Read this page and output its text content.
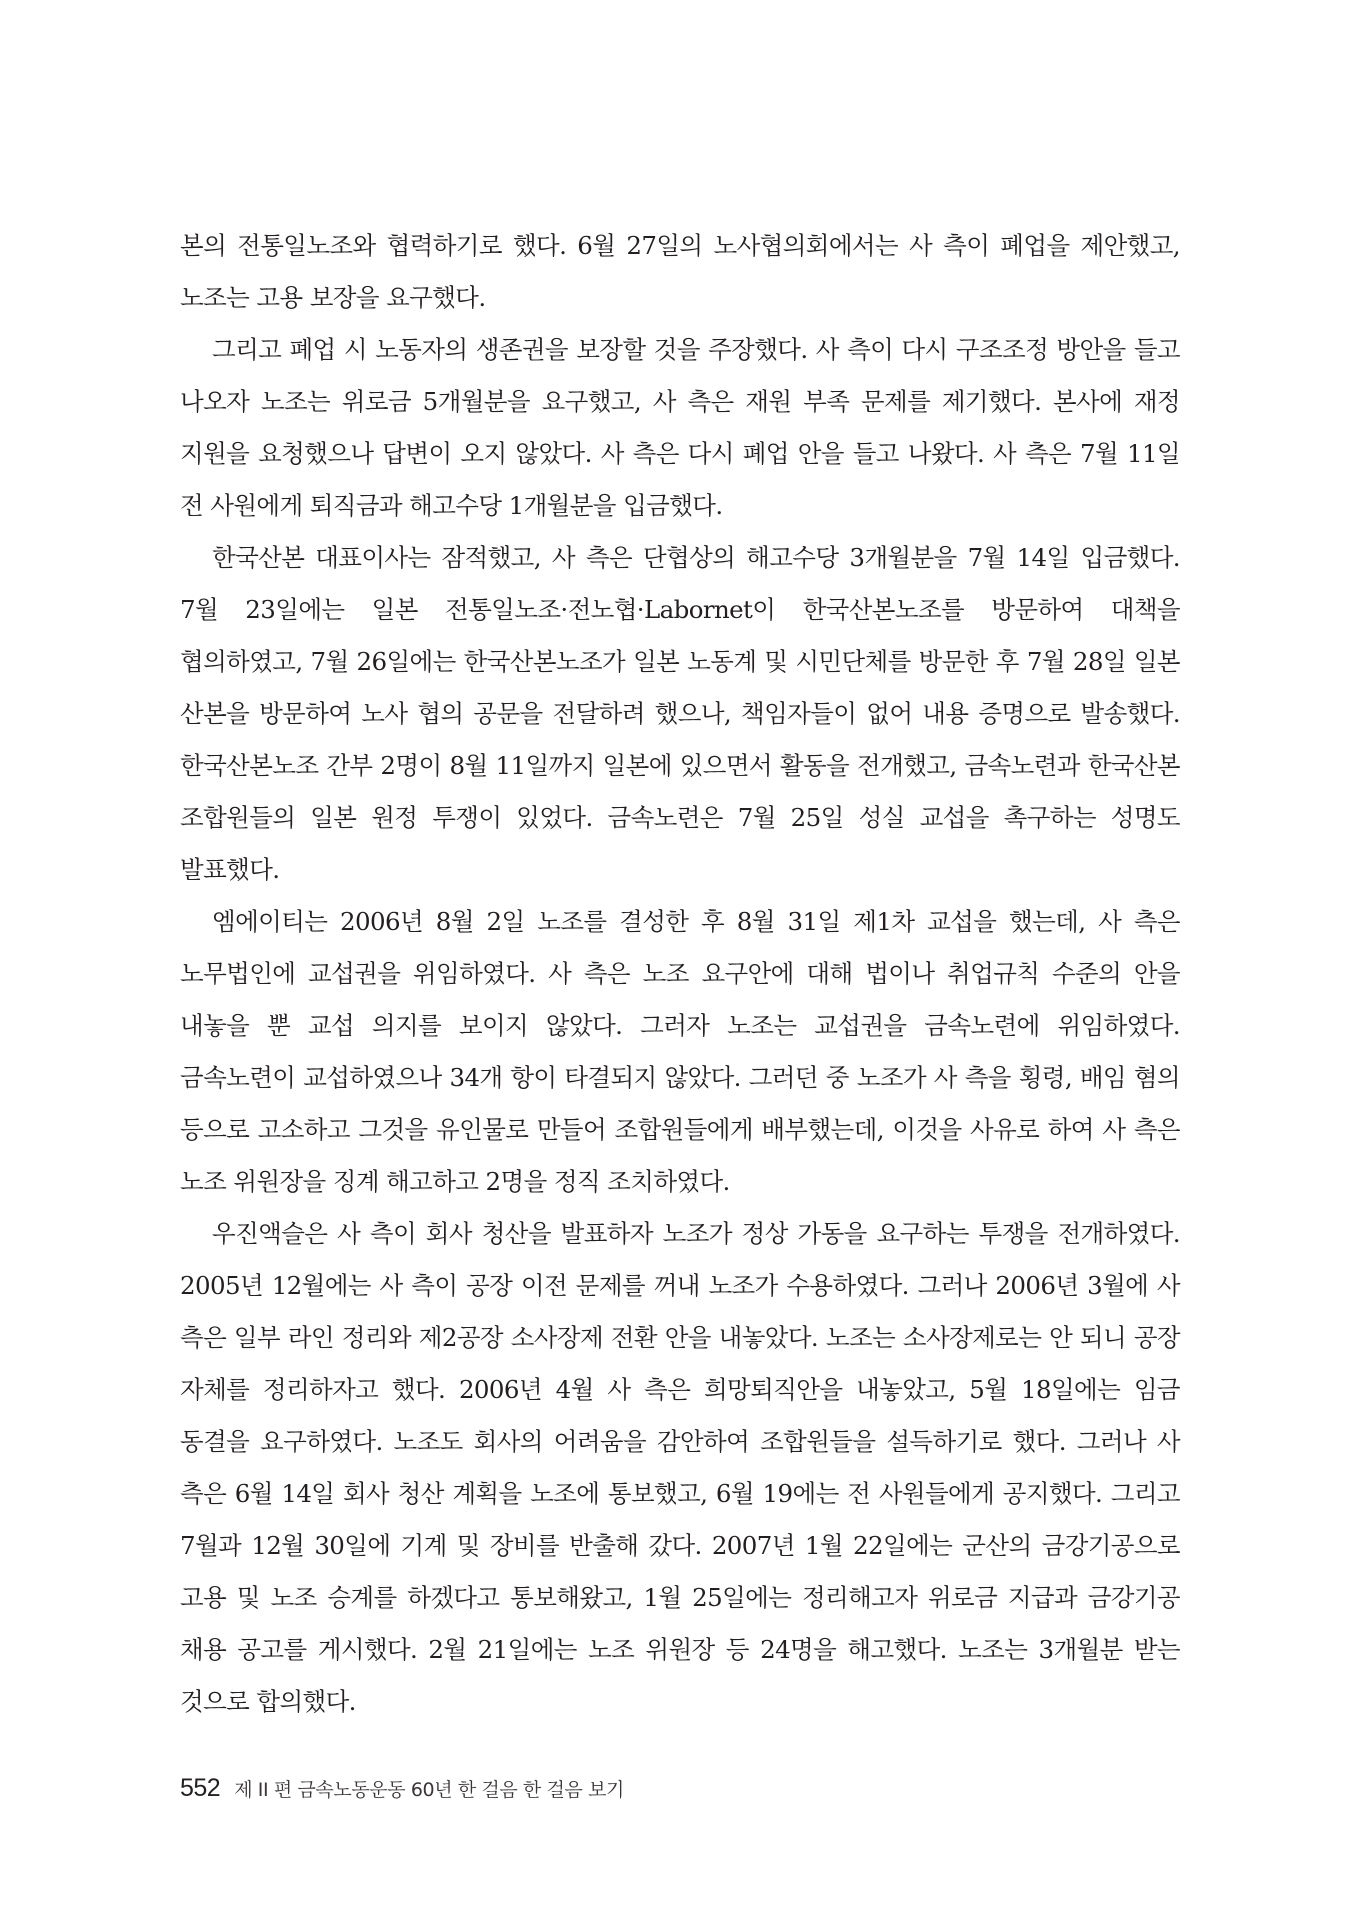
본의 전통일노조와 협력하기로 했다. 6월 27일의 노사협의회에서는 사 측이 폐업을 제안했고, 노조는 고용 보장을 요구했다.

그리고 폐업 시 노동자의 생존권을 보장할 것을 주장했다. 사 측이 다시 구조조정 방안을 들고 나오자 노조는 위로금 5개월분을 요구했고, 사 측은 재원 부족 문제를 제기했다. 본사에 재정 지원을 요청했으나 답변이 오지 않았다. 사 측은 다시 폐업 안을 들고 나왔다. 사 측은 7월 11일 전 사원에게 퇴직금과 해고수당 1개월분을 입금했다.

한국산본 대표이사는 잠적했고, 사 측은 단협상의 해고수당 3개월분을 7월 14일 입금했다. 7월 23일에는 일본 전통일노조·전노협·Labornet이 한국산본노조를 방문하여 대책을 협의하였고, 7월 26일에는 한국산본노조가 일본 노동계 및 시민단체를 방문한 후 7월 28일 일본 산본을 방문하여 노사 협의 공문을 전달하려 했으나, 책임자들이 없어 내용 증명으로 발송했다. 한국산본노조 간부 2명이 8월 11일까지 일본에 있으면서 활동을 전개했고, 금속노련과 한국산본 조합원들의 일본 원정 투쟁이 있었다. 금속노련은 7월 25일 성실 교섭을 촉구하는 성명도 발표했다.

엠에이티는 2006년 8월 2일 노조를 결성한 후 8월 31일 제1차 교섭을 했는데, 사 측은 노무법인에 교섭권을 위임하였다. 사 측은 노조 요구안에 대해 법이나 취업규칙 수준의 안을 내놓을 뿐 교섭 의지를 보이지 않았다. 그러자 노조는 교섭권을 금속노련에 위임하였다. 금속노련이 교섭하였으나 34개 항이 타결되지 않았다. 그러던 중 노조가 사 측을 횡령, 배임 혐의 등으로 고소하고 그것을 유인물로 만들어 조합원들에게 배부했는데, 이것을 사유로 하여 사 측은 노조 위원장을 징계 해고하고 2명을 정직 조치하였다.

우진액슬은 사 측이 회사 청산을 발표하자 노조가 정상 가동을 요구하는 투쟁을 전개하였다. 2005년 12월에는 사 측이 공장 이전 문제를 꺼내 노조가 수용하였다. 그러나 2006년 3월에 사 측은 일부 라인 정리와 제2공장 소사장제 전환 안을 내놓았다. 노조는 소사장제로는 안 되니 공장 자체를 정리하자고 했다. 2006년 4월 사 측은 희망퇴직안을 내놓았고, 5월 18일에는 임금 동결을 요구하였다. 노조도 회사의 어려움을 감안하여 조합원들을 설득하기로 했다. 그러나 사 측은 6월 14일 회사 청산 계획을 노조에 통보했고, 6월 19에는 전 사원들에게 공지했다. 그리고 7월과 12월 30일에 기계 및 장비를 반출해 갔다. 2007년 1월 22일에는 군산의 금강기공으로 고용 및 노조 승계를 하겠다고 통보해왔고, 1월 25일에는 정리해고자 위로금 지급과 금강기공 채용 공고를 게시했다. 2월 21일에는 노조 위원장 등 24명을 해고했다. 노조는 3개월분 받는 것으로 합의했다.

552 제 II 편 금속노동운동 60년 한 걸음 한 걸음 보기
